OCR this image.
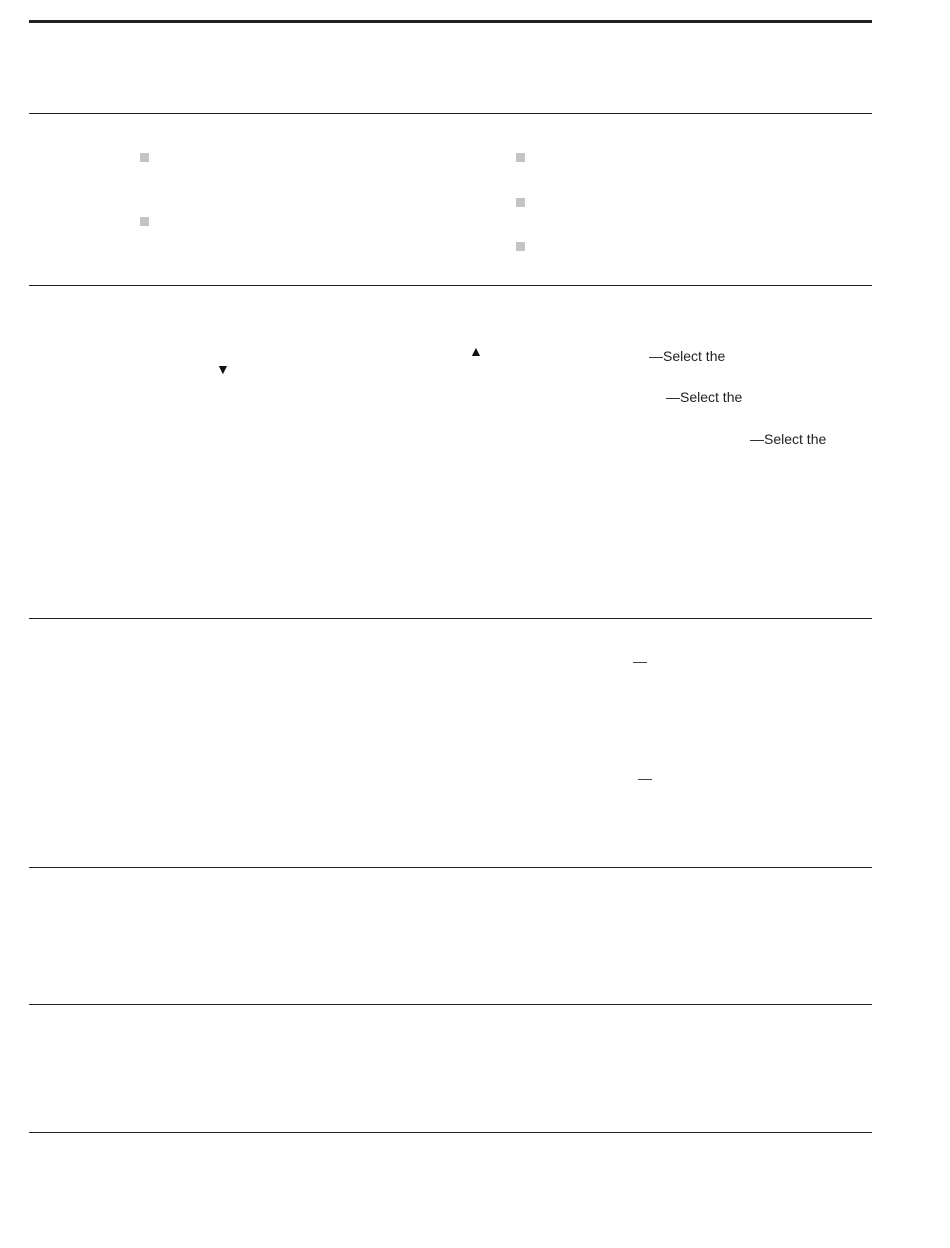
▲
▼
—Select the
—Select the
—Select the
—
—
